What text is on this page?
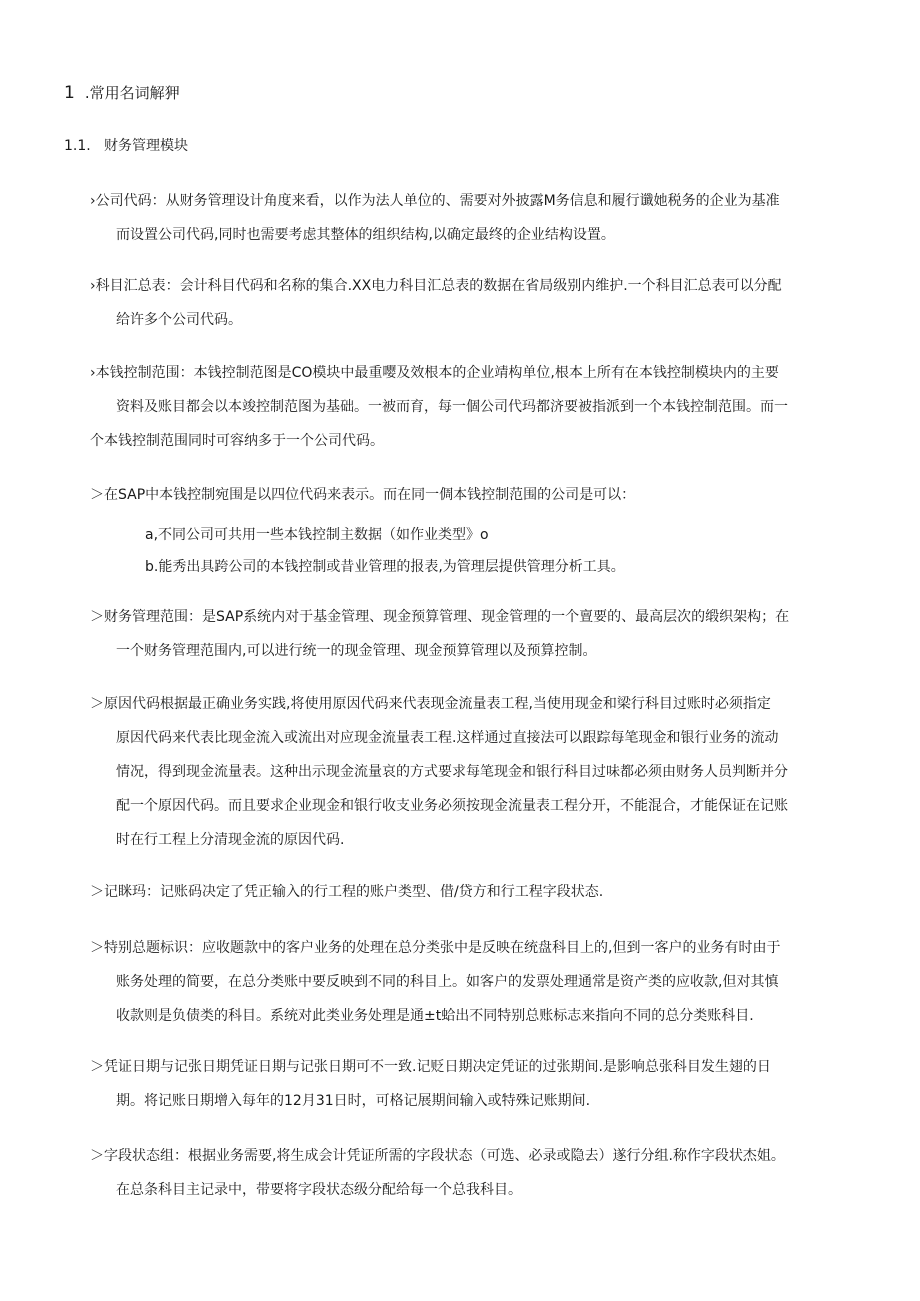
1 .常用名词解狎
1.1. 财务管理模块
›公司代码：从财务管理设计角度来看，以作为法人单位的、需要对外披露M务信息和履行谶她税务的企业为基准
而设置公司代码,同时也需要考虑其整体的组织结构,以确定最终的企业结构设置。
›科目汇总表：会计科目代码和名称的集合.XX电力科目汇总表的数据在省局级别内维护.一个科目汇总表可以分配
给许多个公司代码。
›本钱控制范围：本钱控制范图是CO模块中最重嘤及效根本的企业靖构单位,根本上所有在本钱控制模块内的主要
资料及账目都会以本竣控制范图为基础。一被而育，每一個公司代玛都济要被指派到一个本钱控制范围。而一
个本钱控制范围同时可容纳多于一个公司代码。
＞在SAP中本钱控制宛围是以四位代码来表示。而在同一倜本钱控制范围的公司是可以：
a,不同公司可共用一些本钱控制主数据（如作业类型》o
b.能秀出具跨公司的本钱控制或昔业管理的报表,为管理层提供管理分析工具。
＞财务管理范围：是SAP系统内对于基金管理、现金预算管理、现金管理的一个亶要的、最高层次的缎织架构；在
一个财务管理范围内,可以进行统一的现金管理、现金预算管理以及预算控制。
＞原因代码根据最正确业务实践,将使用原因代码来代表现金流量表工程,当使用现金和梁行科目过账时必须指定
原因代码来代表比现金流入或流出对应现金流量表工程.这样通过直接法可以跟踪每笔现金和银行业务的流动
情况，得到现金流量表。这种出示现金流量哀的方式要求每笔现金和银行科目过味都必须由财务人员判断并分
配一个原因代码。而且要求企业现金和银行收支业务必须按现金流量表工程分开，不能混合，才能保证在记账
时在行工程上分清现金流的原因代码.
＞记眯玛：记账码决定了凭正输入的行工程的账户类型、借/贷方和行工程字段状态.
＞特别总题标识：应收题款中的客户业务的处理在总分类张中是反映在统盘科目上的,但到一客户的业务有时由于
账务处理的简要，在总分类账中要反映到不同的科目上。如客户的发票处理通常是资产类的应收款,但对其慎
收款则是负债类的科目。系统对此类业务处理是通±t蛤出不同特别总账标志来指向不同的总分类账科目.
＞凭证日期与记张日期凭证日期与记张日期可不一致.记贬日期决定凭证的过张期间.是影响总张科目发生翅的日
期。将记账日期增入每年的12月31日时，可格记展期间输入或特殊记账期间.
＞字段状态组：根据业务需要,将生成会计凭证所需的字段状态（可选、必录或隐去）遂行分组.称作字段状杰姐。
在总条科目主记录中，带要将字段状态级分配给每一个总我科目。
